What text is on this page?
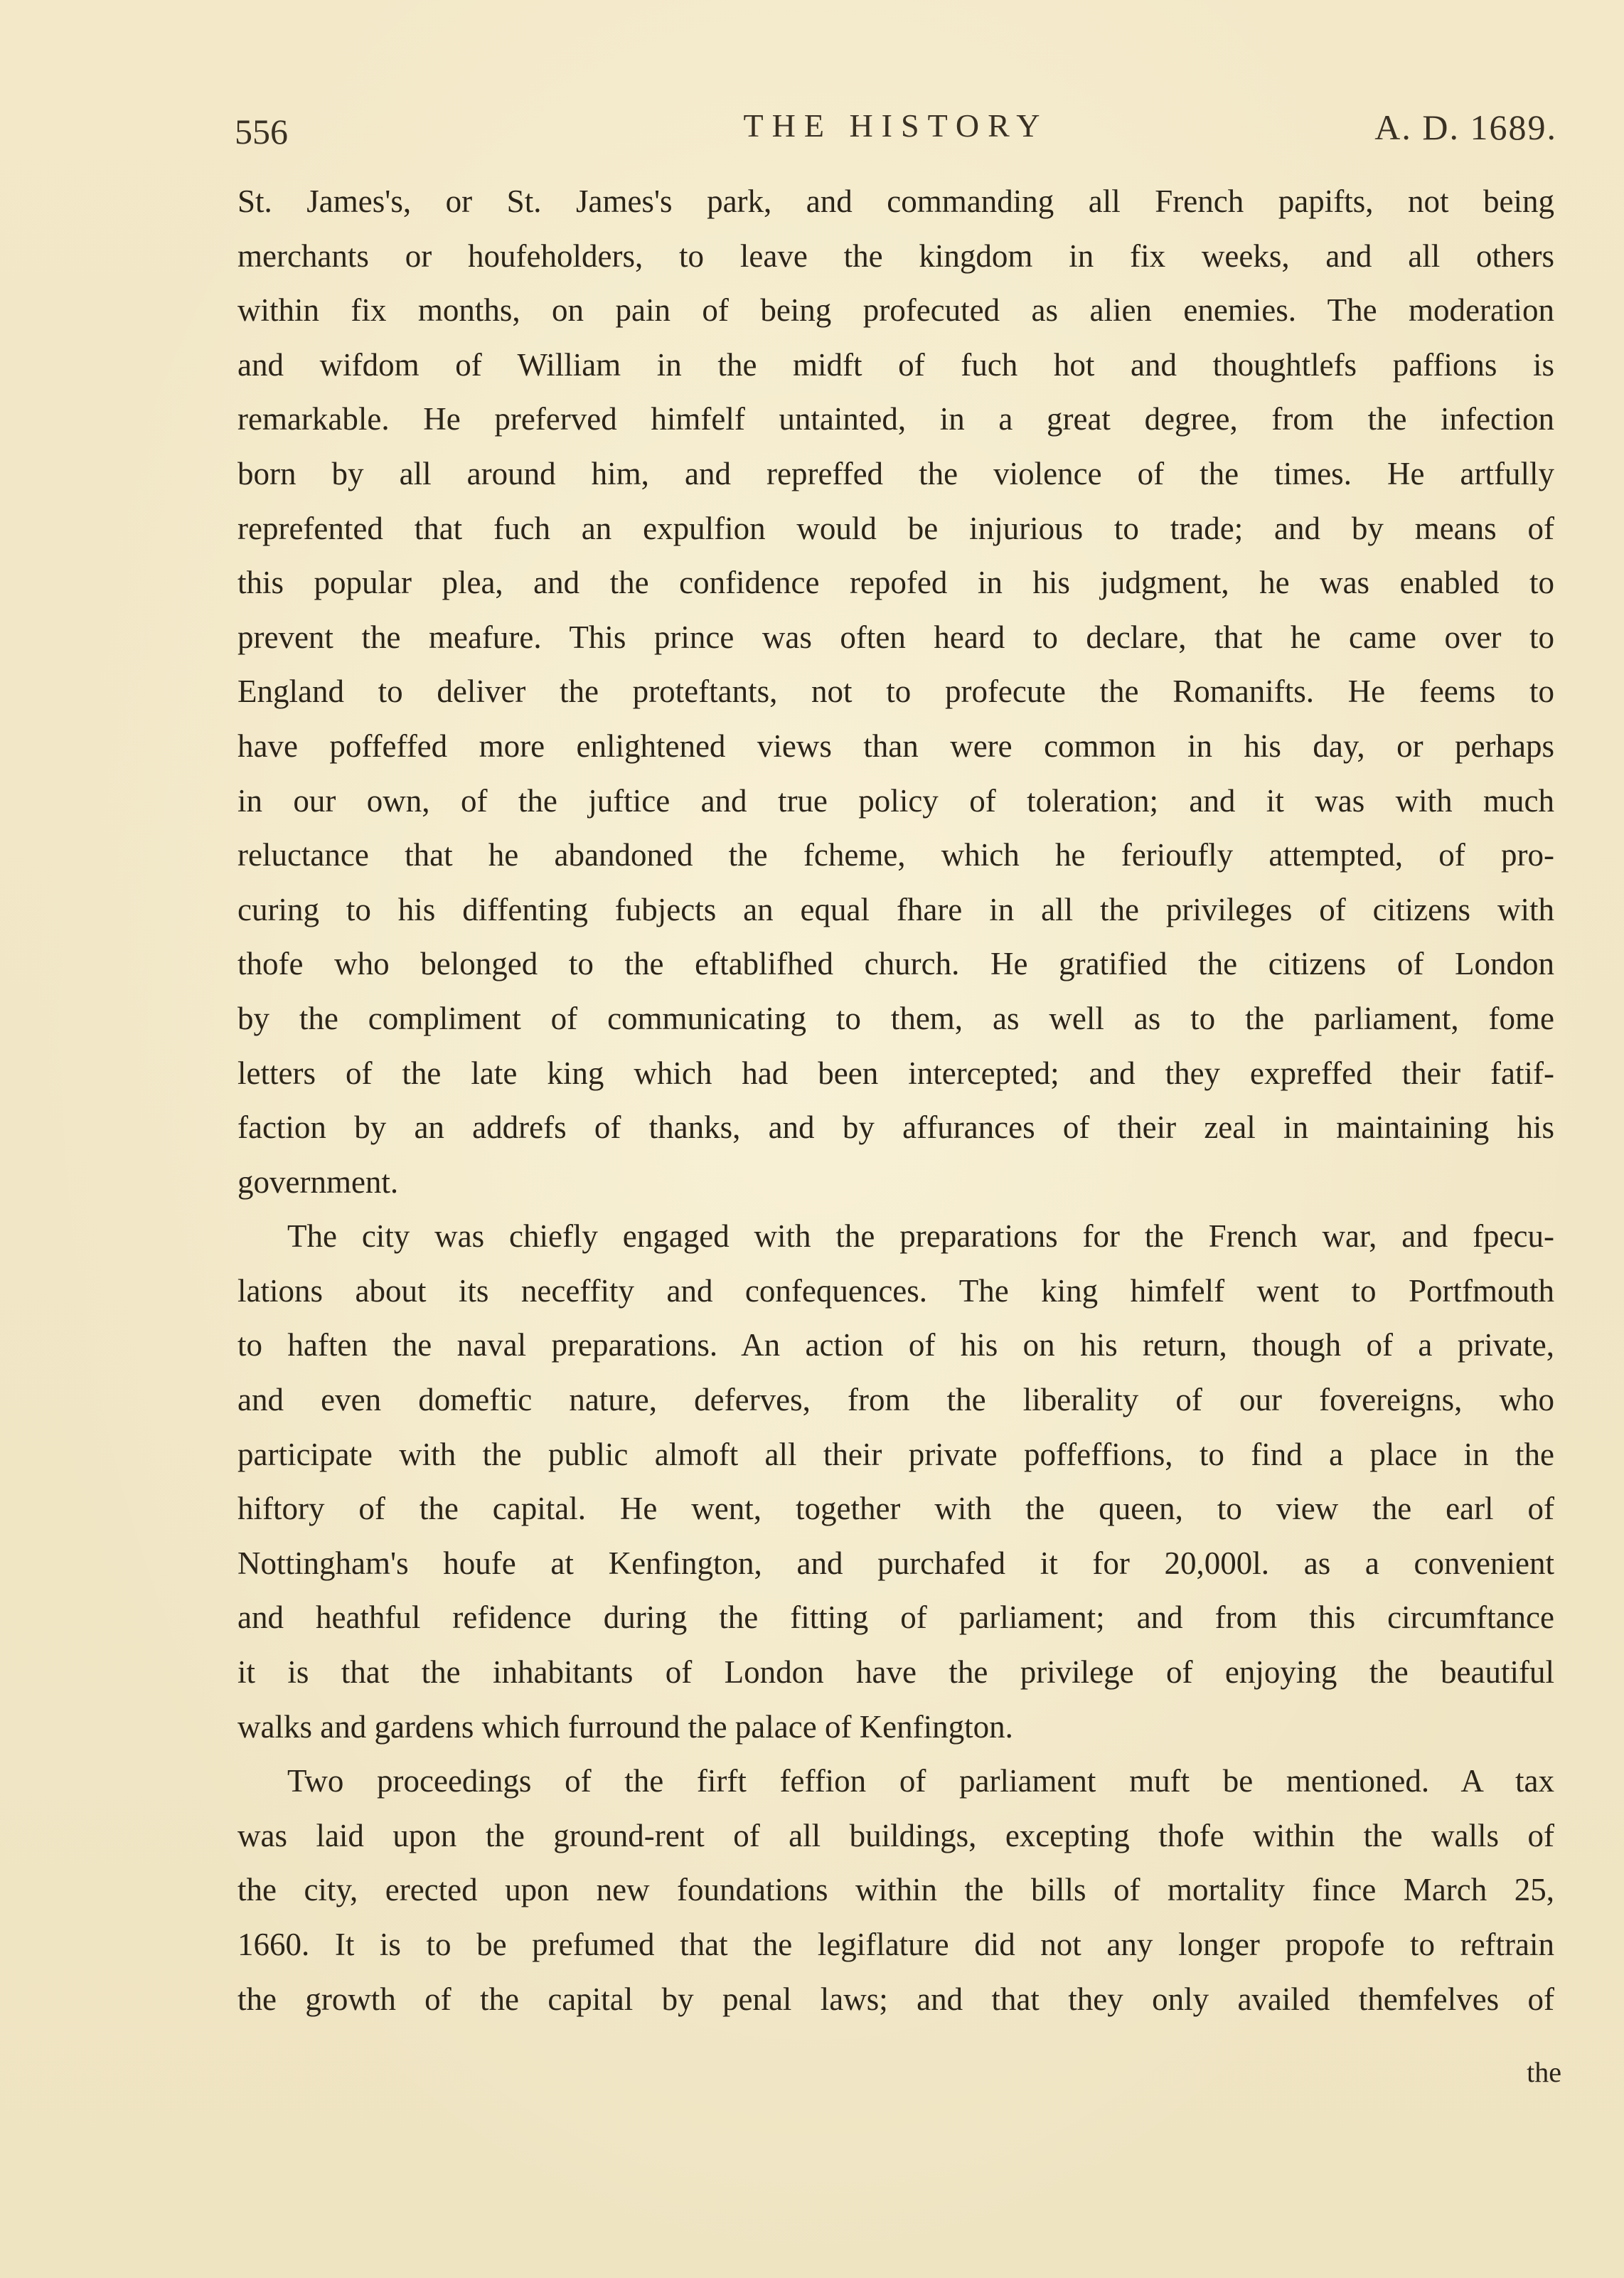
556	THE HISTORY	A. D. 1689.
St. James's, or St. James's park, and commanding all French papifts, not being
merchants or houfeholders, to leave the kingdom in fix weeks, and all others
within fix months, on pain of being profecuted as alien enemies. The moderation
and wifdom of William in the midft of fuch hot and thoughtlefs paffions is
remarkable. He preferved himfelf untainted, in a great degree, from the infection
born by all around him, and repreffed the violence of the times. He artfully
reprefented that fuch an expulfion would be injurious to trade; and by means of
this popular plea, and the confidence repofed in his judgment, he was enabled to
prevent the meafure. This prince was often heard to declare, that he came over to
England to deliver the proteftants, not to profecute the Romanifts. He feems to
have poffeffed more enlightened views than were common in his day, or perhaps
in our own, of the juftice and true policy of toleration; and it was with much
reluctance that he abandoned the fcheme, which he ferioufly attempted, of pro-
curing to his diffenting fubjects an equal fhare in all the privileges of citizens with
thofe who belonged to the eftablifhed church. He gratified the citizens of London
by the compliment of communicating to them, as well as to the parliament, fome
letters of the late king which had been intercepted; and they expreffed their fatif-
faction by an addrefs of thanks, and by affurances of their zeal in maintaining his
government.
The city was chiefly engaged with the preparations for the French war, and fpecu-
lations about its neceffity and confequences. The king himfelf went to Portfmouth
to haften the naval preparations. An action of his on his return, though of a private,
and even domeftic nature, deferves, from the liberality of our fovereigns, who
participate with the public almoft all their private poffeffions, to find a place in the
hiftory of the capital. He went, together with the queen, to view the earl of
Nottingham's houfe at Kenfington, and purchafed it for 20,000l. as a convenient
and heathful refidence during the fitting of parliament; and from this circumftance
it is that the inhabitants of London have the privilege of enjoying the beautiful
walks and gardens which furround the palace of Kenfington.
Two proceedings of the firft feffion of parliament muft be mentioned. A tax
was laid upon the ground-rent of all buildings, excepting thofe within the walls of
the city, erected upon new foundations within the bills of mortality fince March 25,
1660. It is to be prefumed that the legiflature did not any longer propofe to reftrain
the growth of the capital by penal laws; and that they only availed themfelves of
the
